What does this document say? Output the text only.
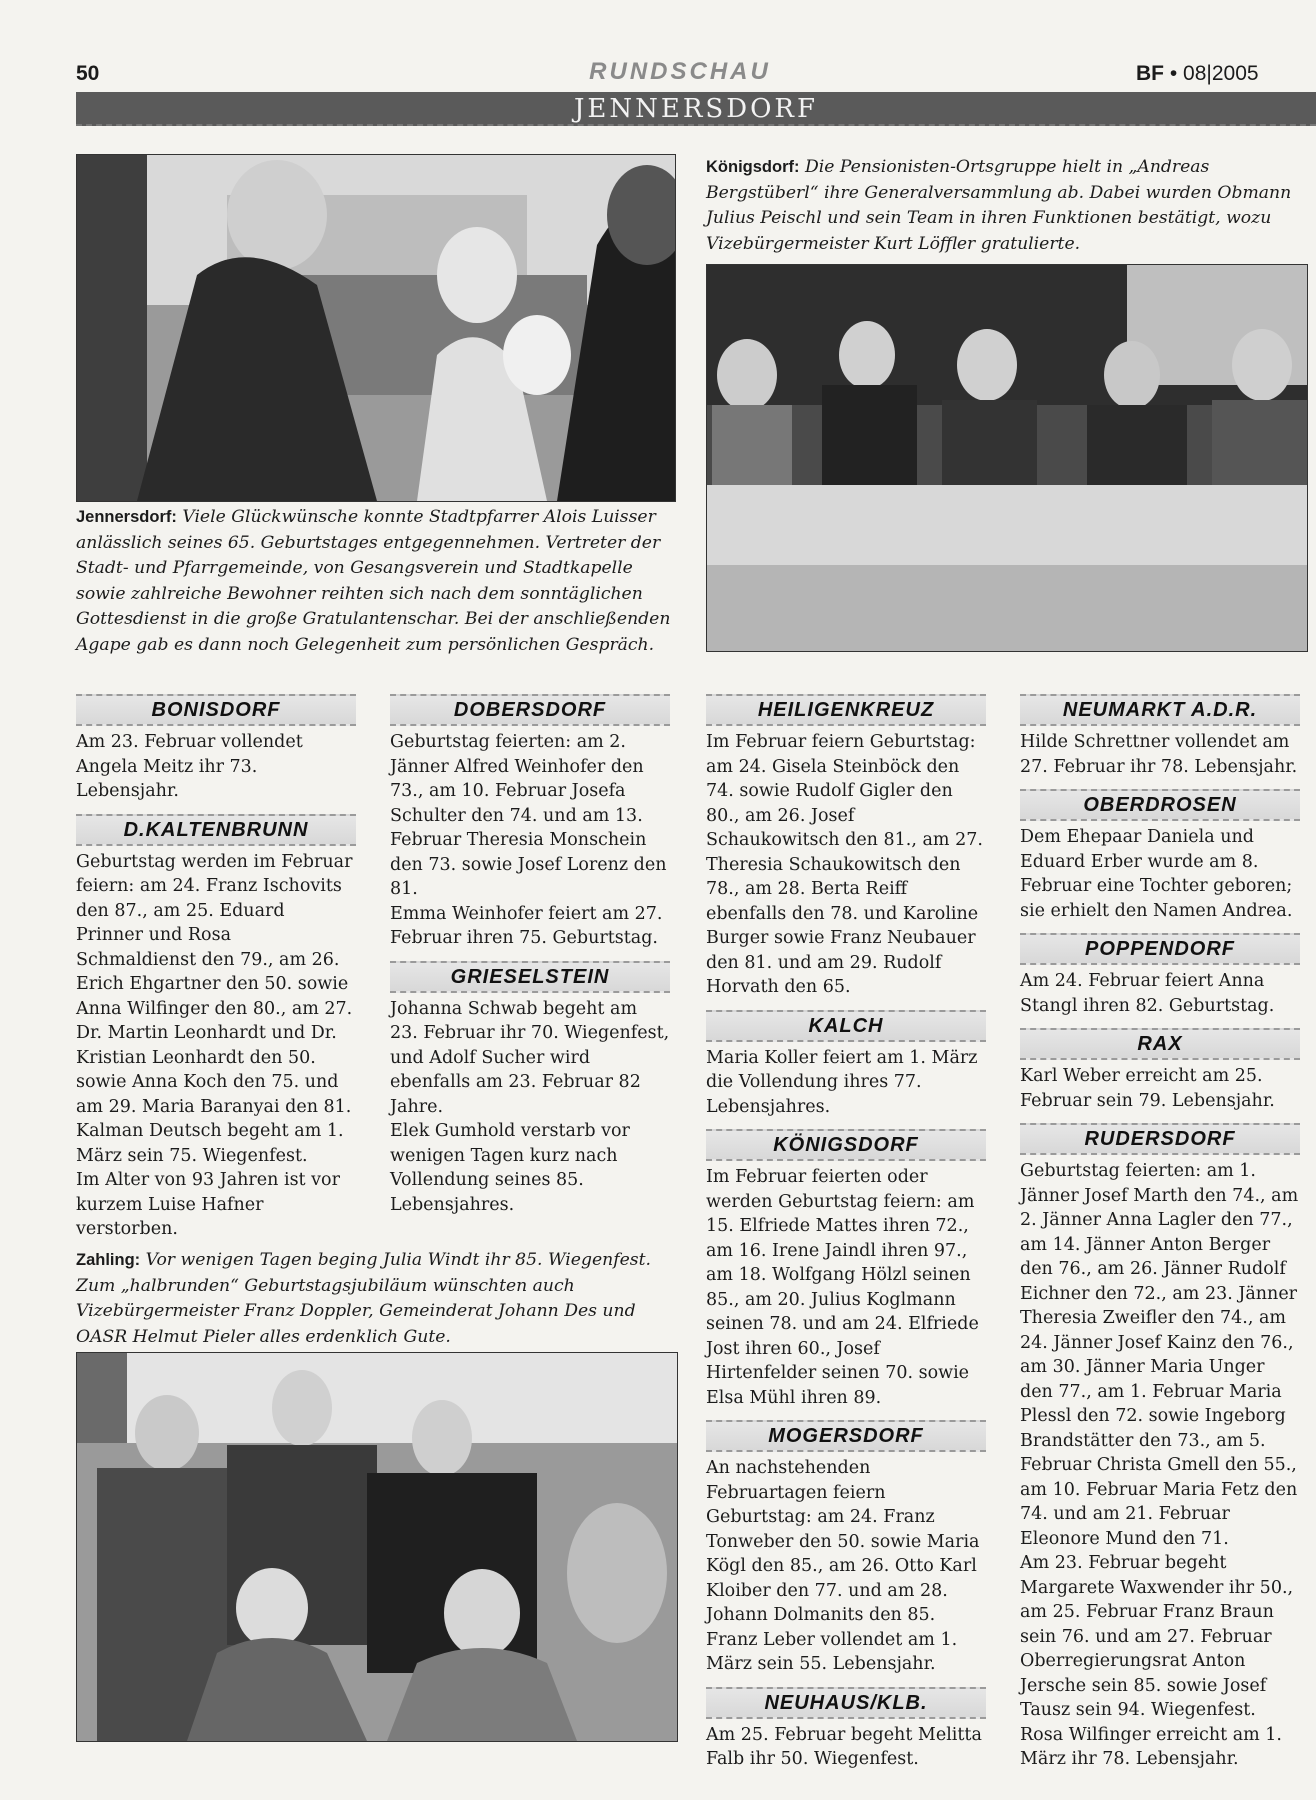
50	RUNDSCHAU	BF • 08|2005
JENNERSDORF
Jennersdorf: Viele Glückwünsche konnte Stadtpfarrer Alois Luisser anlässlich seines 65. Geburtstages entgegennehmen. Vertreter der Stadt- und Pfarrgemeinde, von Gesangsverein und Stadtkapelle sowie zahlreiche Bewohner reihten sich nach dem sonntäglichen Gottesdienst in die große Gratulantenschar. Bei der anschließenden Agape gab es dann noch Gelegenheit zum persönlichen Gespräch.
Königsdorf: Die Pensionisten-Ortsgruppe hielt in „Andreas Bergstüberl“ ihre Generalversammlung ab. Dabei wurden Obmann Julius Peischl und sein Team in ihren Funktionen bestätigt, wozu Vizebürgermeister Kurt Löffler gratulierte.
BONISDORF
Am 23. Februar vollendet Angela Meitz ihr 73. Lebensjahr.
D.KALTENBRUNN
Geburtstag werden im Februar feiern: am 24. Franz Ischovits den 87., am 25. Eduard Prinner und Rosa Schmaldienst den 79., am 26. Erich Ehgartner den 50. sowie Anna Wilfinger den 80., am 27. Dr. Martin Leonhardt und Dr. Kristian Leonhardt den 50. sowie Anna Koch den 75. und am 29. Maria Baranyai den 81.
Kalman Deutsch begeht am 1. März sein 75. Wiegenfest.
Im Alter von 93 Jahren ist vor kurzem Luise Hafner verstorben.
DOBERSDORF
Geburtstag feierten: am 2. Jänner Alfred Weinhofer den 73., am 10. Februar Josefa Schulter den 74. und am 13. Februar Theresia Monschein den 73. sowie Josef Lorenz den 81.
Emma Weinhofer feiert am 27. Februar ihren 75. Geburtstag.
GRIESELSTEIN
Johanna Schwab begeht am 23. Februar ihr 70. Wiegenfest, und Adolf Sucher wird ebenfalls am 23. Februar 82 Jahre.
Elek Gumhold verstarb vor wenigen Tagen kurz nach Vollendung seines 85. Lebensjahres.
Zahling: Vor wenigen Tagen beging Julia Windt ihr 85. Wiegenfest. Zum „halbrunden“ Geburtstagsjubiläum wünschten auch Vizebürgermeister Franz Doppler, Gemeinderat Johann Des und OASR Helmut Pieler alles erdenklich Gute.
HEILIGENKREUZ
Im Februar feiern Geburtstag: am 24. Gisela Steinböck den 74. sowie Rudolf Gigler den 80., am 26. Josef Schaukowitsch den 81., am 27. Theresia Schaukowitsch den 78., am 28. Berta Reiff ebenfalls den 78. und Karoline Burger sowie Franz Neubauer den 81. und am 29. Rudolf Horvath den 65.
KALCH
Maria Koller feiert am 1. März die Vollendung ihres 77. Lebensjahres.
KÖNIGSDORF
Im Februar feierten oder werden Geburtstag feiern: am 15. Elfriede Mattes ihren 72., am 16. Irene Jaindl ihren 97., am 18. Wolfgang Hölzl seinen 85., am 20. Julius Koglmann seinen 78. und am 24. Elfriede Jost ihren 60., Josef Hirtenfelder seinen 70. sowie Elsa Mühl ihren 89.
MOGERSDORF
An nachstehenden Februartagen feiern Geburtstag: am 24. Franz Tonweber den 50. sowie Maria Kögl den 85., am 26. Otto Karl Kloiber den 77. und am 28. Johann Dolmanits den 85.
Franz Leber vollendet am 1. März sein 55. Lebensjahr.
NEUHAUS/KLB.
Am 25. Februar begeht Melitta Falb ihr 50. Wiegenfest.
NEUMARKT A.D.R.
Hilde Schrettner vollendet am 27. Februar ihr 78. Lebensjahr.
OBERDROSEN
Dem Ehepaar Daniela und Eduard Erber wurde am 8. Februar eine Tochter geboren; sie erhielt den Namen Andrea.
POPPENDORF
Am 24. Februar feiert Anna Stangl ihren 82. Geburtstag.
RAX
Karl Weber erreicht am 25. Februar sein 79. Lebensjahr.
RUDERSDORF
Geburtstag feierten: am 1. Jänner Josef Marth den 74., am 2. Jänner Anna Lagler den 77., am 14. Jänner Anton Berger den 76., am 26. Jänner Rudolf Eichner den 72., am 23. Jänner Theresia Zweifler den 74., am 24. Jänner Josef Kainz den 76., am 30. Jänner Maria Unger den 77., am 1. Februar Maria Plessl den 72. sowie Ingeborg Brandstätter den 73., am 5. Februar Christa Gmell den 55., am 10. Februar Maria Fetz den 74. und am 21. Februar Eleonore Mund den 71.
Am 23. Februar begeht Margarete Waxwender ihr 50., am 25. Februar Franz Braun sein 76. und am 27. Februar Oberregierungsrat Anton Jersche sein 85. sowie Josef Tausz sein 94. Wiegenfest.
Rosa Wilfinger erreicht am 1. März ihr 78. Lebensjahr.
